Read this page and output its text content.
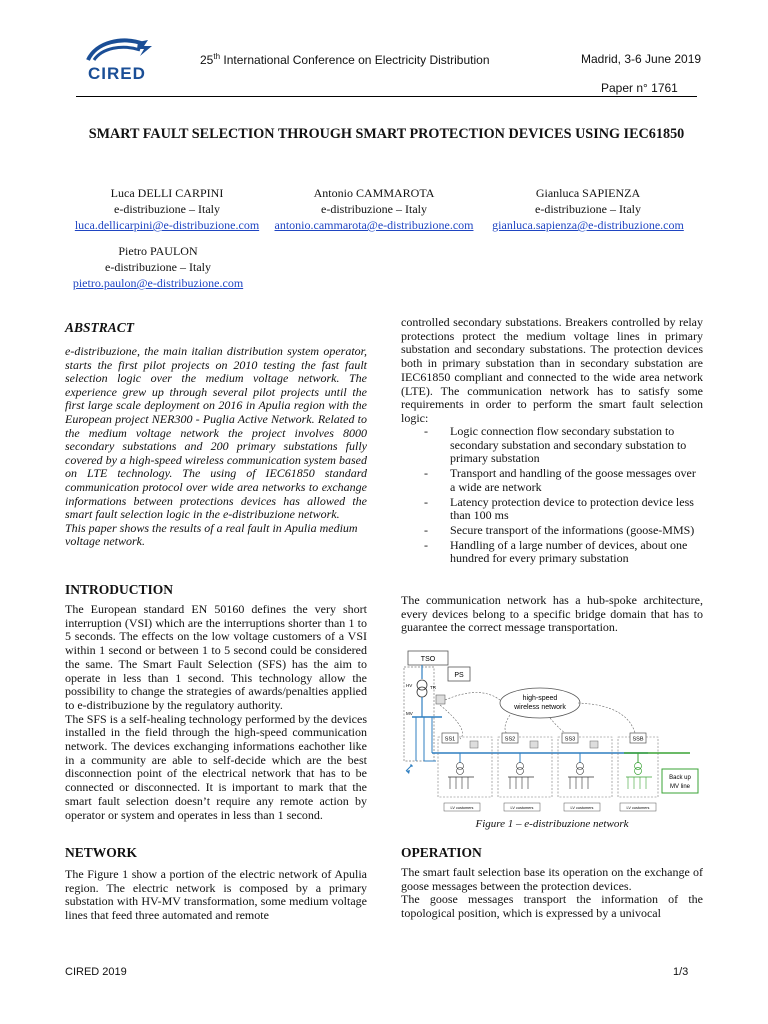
CIRED
25th International Conference on Electricity Distribution	Madrid, 3-6 June 2019
Paper n° 1761
SMART FAULT SELECTION THROUGH SMART PROTECTION DEVICES USING IEC61850
Luca DELLI CARPINI
e-distribuzione – Italy
luca.dellicarpini@e-distribuzione.com
Antonio CAMMAROTA
e-distribuzione – Italy
antonio.cammarota@e-distribuzione.com
Gianluca SAPIENZA
e-distribuzione – Italy
gianluca.sapienza@e-distribuzione.com
Pietro PAULON
e-distribuzione – Italy
pietro.paulon@e-distribuzione.com
ABSTRACT

e-distribuzione, the main italian distribution system operator, starts the first pilot projects on 2010 testing the fast fault selection logic over the medium voltage network. The experience grew up through several pilot projects until the first large scale deployment on 2016 in Apulia region with the European project NER300 - Puglia Active Network. Related to the medium voltage network the project involves 8000 secondary substations and 200 primary substations fully covered by a high-speed wireless communication system based on LTE technology. The using of IEC61850 standard communication protocol over wide area networks to exchange informations between protections devices has allowed the smart fault selection logic in the e-distribuzione network.

This paper shows the results of a real fault in Apulia medium voltage network.

INTRODUCTION

The European standard EN 50160 defines the very short interruption (VSI) which are the interruptions shorter than 1 to 5 seconds. The effects on the low voltage customers of a VSI within 1 second or between 1 to 5 second could be considered the same. The Smart Fault Selection (SFS) has the aim to operate in less than 1 second. This technology allow the possibility to change the strategies of awards/penalties applied to e-distribuzione by the regulatory authority.

The SFS is a self-healing technology performed by the devices installed in the field through the high-speed communication network. The devices exchanging informations eachother like in a community are able to self-decide which are the best disconnection point of the electrical network that has to be connected or disconnected. It is important to mark that the smart fault selection doesn’t require any remote action by operator or system and operates in less than 1 second.

NETWORK
The Figure 1 show a portion of the electric network of Apulia region. The electric network is composed by a primary substation with HV-MV transformation, some medium voltage lines that feed three automated and remote
controlled secondary substations. Breakers controlled by relay protections protect the medium voltage lines in primary substation and secondary substations. The protection devices both in primary substation than in secondary substation are IEC61850 compliant and connected to the wide area network (LTE). The communication network has to satisfy some requirements in order to perform the smart fault selection logic:
- Logic connection flow secondary substation to secondary substation and secondary substation to primary substation
- Transport and handling of the goose messages over a wide are network
- Latency protection device to protection device less than 100 ms
- Secure transport of the informations (goose-MMS)
- Handling of a large number of devices, about one hundred for every primary substation
The communication network has a hub-spoke architecture, every devices belong to a specific bridge domain that has to guarantee the correct message transportation.
TSO
PS
HV
MV
TR
high-speed
wireless network
SS1
LV customers
SS2
LV customers
SS3
LV customers
SSB
LV customers
Back up
MV line
Figure 1 – e-distribuzione network
OPERATION

The smart fault selection base its operation on the exchange of goose messages between the protection devices.

The goose messages transport the information of the topological position, which is expressed by a univocal

CIRED 2019	1/3
